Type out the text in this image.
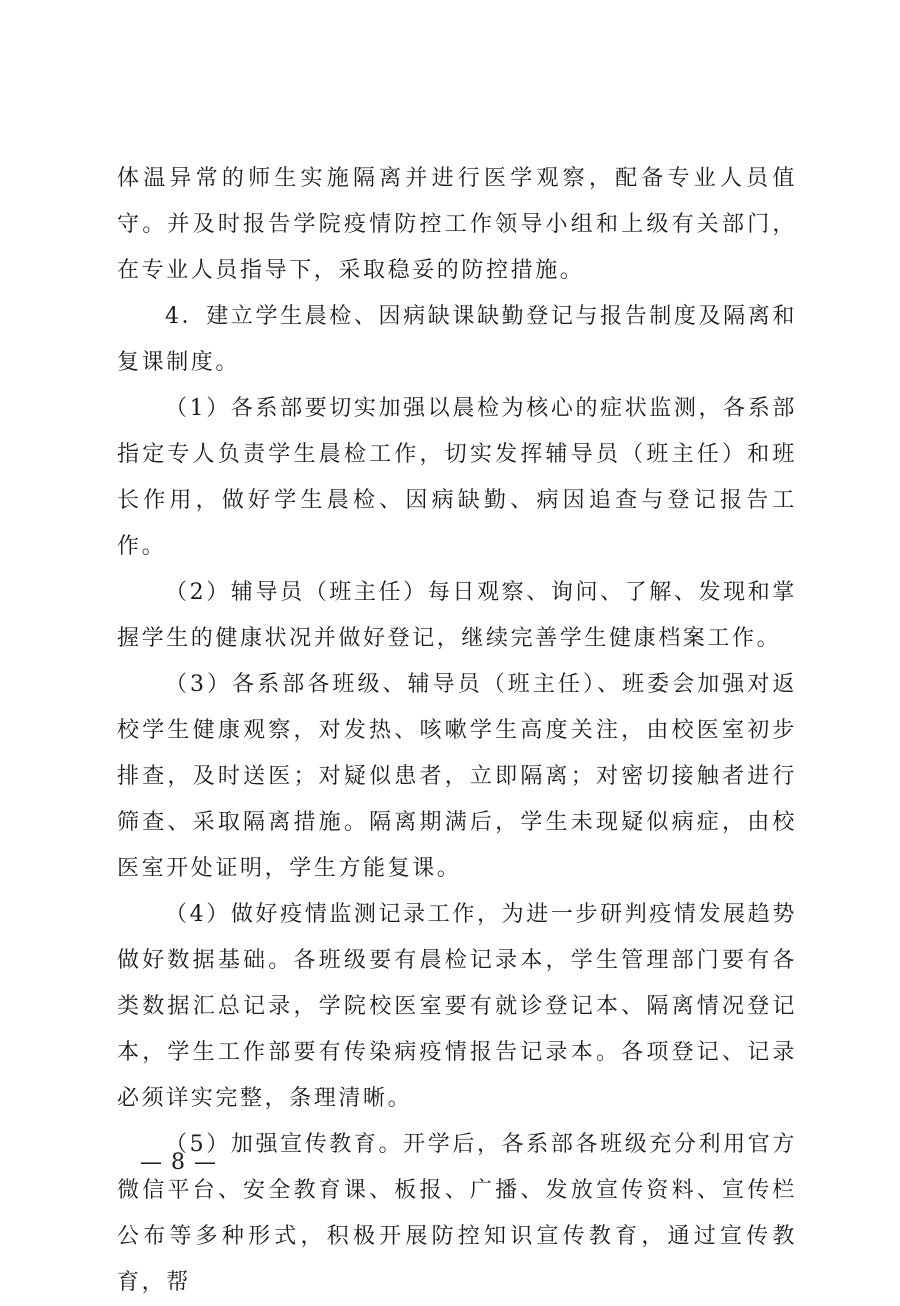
体温异常的师生实施隔离并进行医学观察，配备专业人员值守。并及时报告学院疫情防控工作领导小组和上级有关部门，在专业人员指导下，采取稳妥的防控措施。

4．建立学生晨检、因病缺课缺勤登记与报告制度及隔离和复课制度。

（1）各系部要切实加强以晨检为核心的症状监测，各系部指定专人负责学生晨检工作，切实发挥辅导员（班主任）和班长作用，做好学生晨检、因病缺勤、病因追查与登记报告工作。

（2）辅导员（班主任）每日观察、询问、了解、发现和掌握学生的健康状况并做好登记，继续完善学生健康档案工作。

（3）各系部各班级、辅导员（班主任）、班委会加强对返校学生健康观察，对发热、咳嗽学生高度关注，由校医室初步排查，及时送医；对疑似患者，立即隔离；对密切接触者进行筛查、采取隔离措施。隔离期满后，学生未现疑似病症，由校医室开处证明，学生方能复课。

（4）做好疫情监测记录工作，为进一步研判疫情发展趋势做好数据基础。各班级要有晨检记录本，学生管理部门要有各类数据汇总记录，学院校医室要有就诊登记本、隔离情况登记本，学生工作部要有传染病疫情报告记录本。各项登记、记录必须详实完整，条理清晰。

（5）加强宣传教育。开学后，各系部各班级充分利用官方微信平台、安全教育课、板报、广播、发放宣传资料、宣传栏公布等多种形式，积极开展防控知识宣传教育，通过宣传教育，帮

— 8 —
